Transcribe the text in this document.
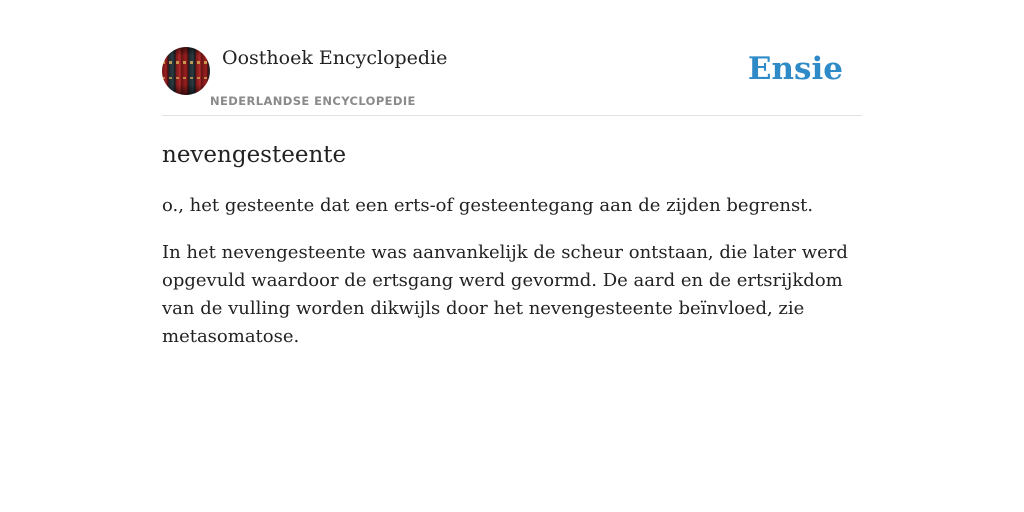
Oosthoek Encyclopedie
NEDERLANDSE ENCYCLOPEDIE
Ensie
nevengesteente

o., het gesteente dat een erts-of gesteentegang aan de zijden begrenst.

In het nevengesteente was aanvankelijk de scheur ontstaan, die later werd opgevuld waardoor de ertsgang werd gevormd. De aard en de ertsrijkdom van de vulling worden dikwijls door het nevengesteente beïnvloed, zie metasomatose.
